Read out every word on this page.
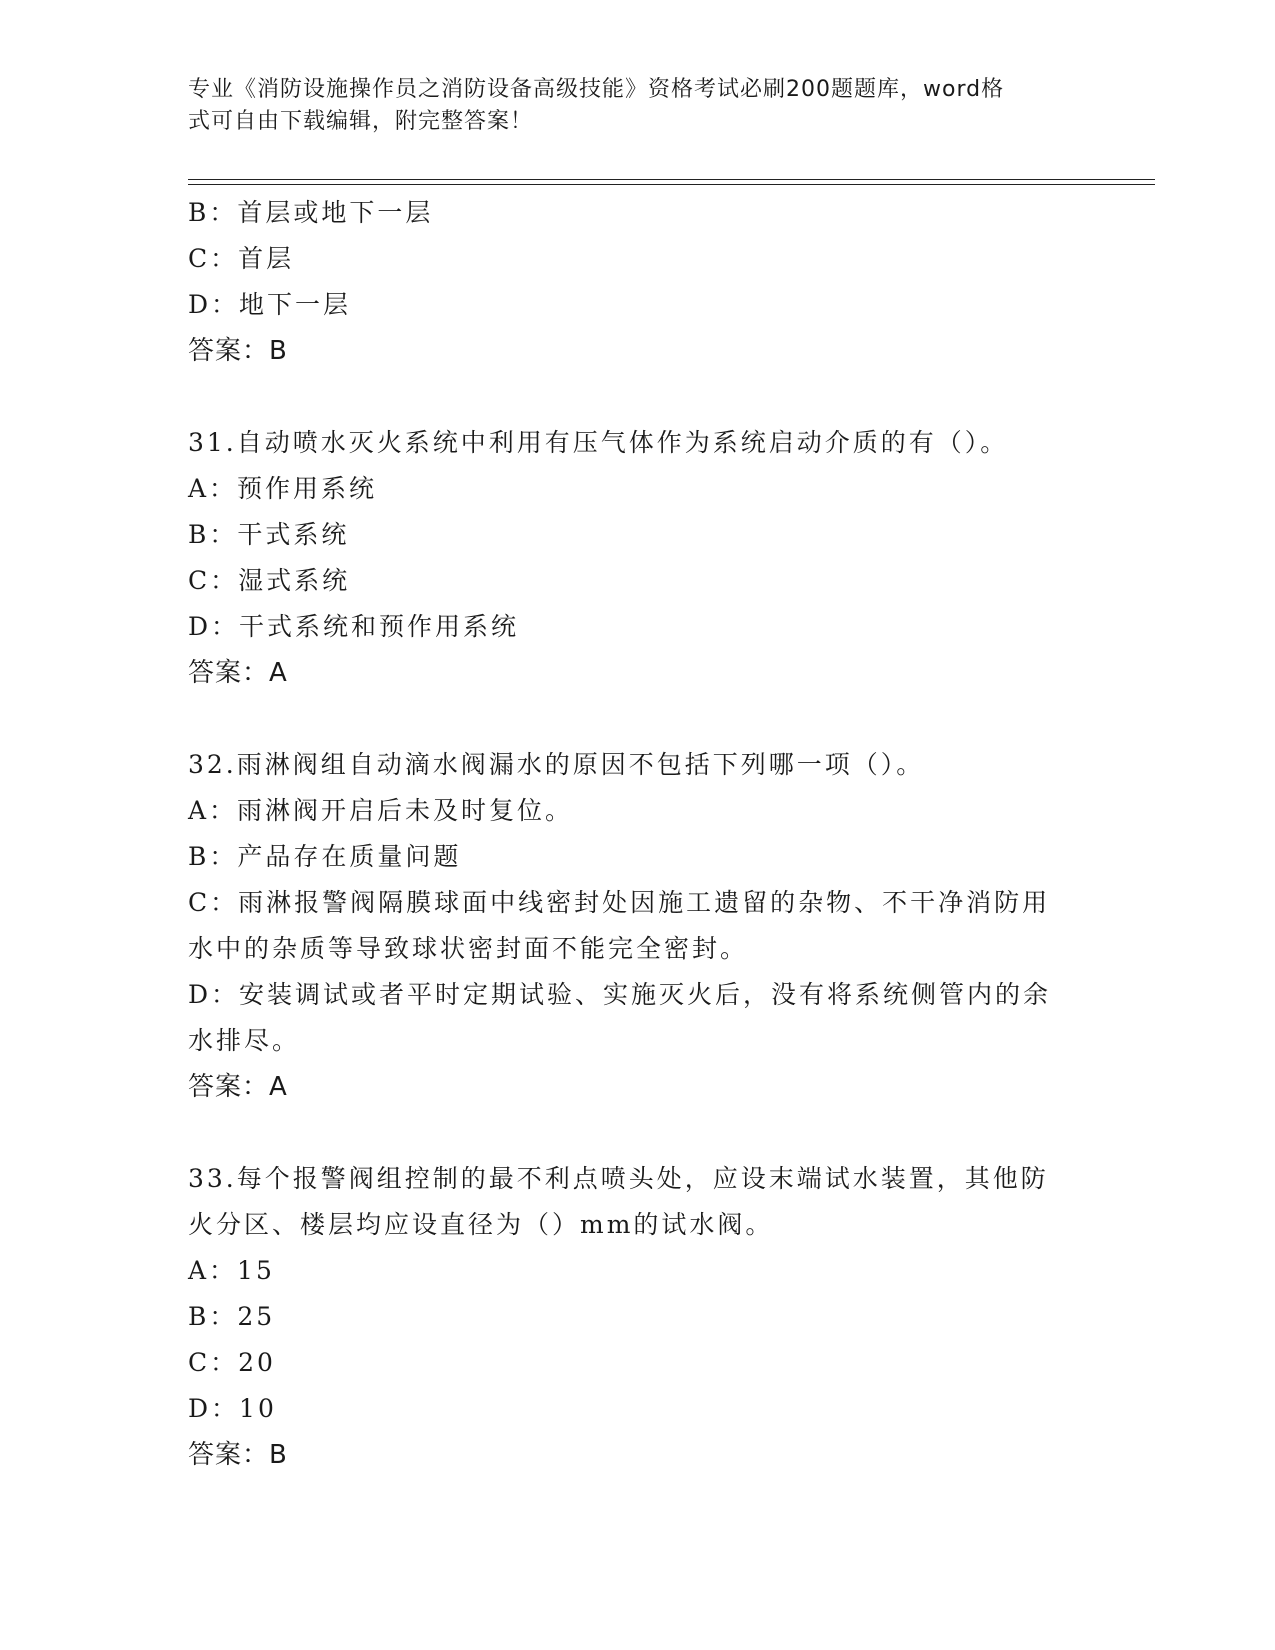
专业《消防设施操作员之消防设备高级技能》资格考试必刷200题题库，word格
式可自由下载编辑，附完整答案！

B：首层或地下一层

C：首层

D：地下一层

答案：B

31.自动喷水灭火系统中利用有压气体作为系统启动介质的有（）。

A：预作用系统

B：干式系统

C：湿式系统

D：干式系统和预作用系统

答案：A

32.雨淋阀组自动滴水阀漏水的原因不包括下列哪一项（）。

A：雨淋阀开启后未及时复位。

B：产品存在质量问题

C：雨淋报警阀隔膜球面中线密封处因施工遗留的杂物、不干净消防用

水中的杂质等导致球状密封面不能完全密封。

D：安装调试或者平时定期试验、实施灭火后，没有将系统侧管内的余

水排尽。

答案：A

33.每个报警阀组控制的最不利点喷头处，应设末端试水装置，其他防

火分区、楼层均应设直径为（）mm的试水阀。

A：15

B：25

C：20

D：10

答案：B
